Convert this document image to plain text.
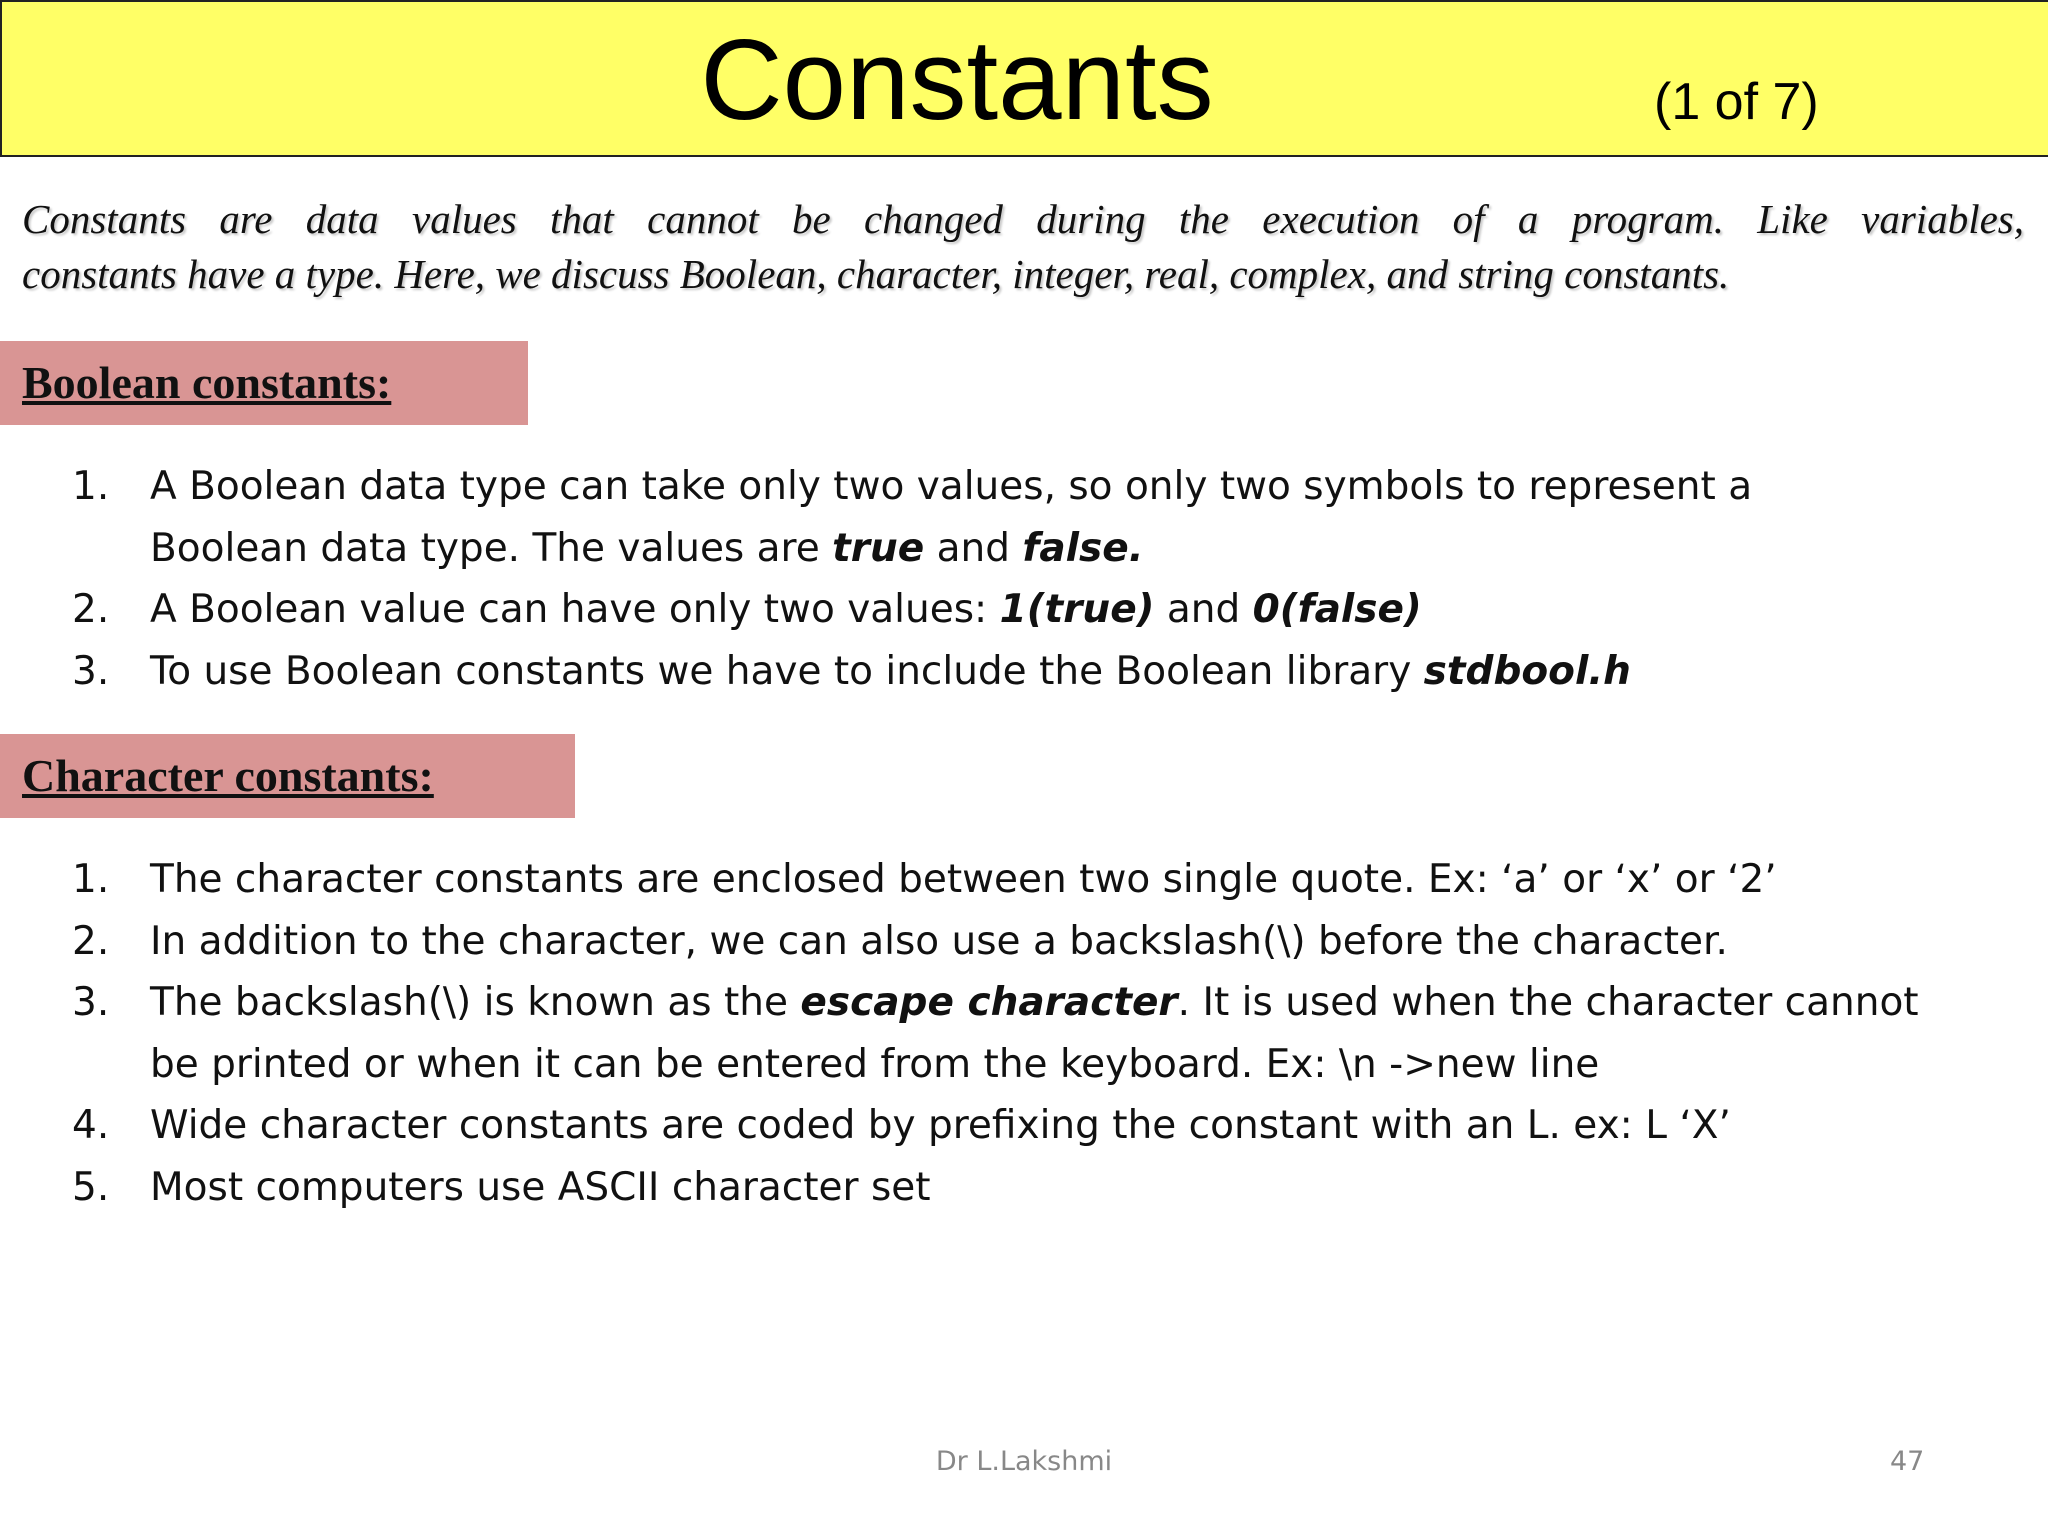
Constants	(1 of 7)
Constants are data values that cannot be changed during the execution of a program. Like variables,
constants have a type. Here, we discuss Boolean, character, integer, real, complex, and string constants.
Boolean constants:
1. A Boolean data type can take only two values, so only two symbols to represent a
Boolean data type. The values are true and false.
2. A Boolean value can have only two values: 1(true) and 0(false)
3. To use Boolean constants we have to include the Boolean library stdbool.h
Character constants:
1. The character constants are enclosed between two single quote. Ex: ‘a’ or ‘x’ or ‘2’
2. In addition to the character, we can also use a backslash(\) before the character.
3. The backslash(\) is known as the escape character. It is used when the character cannot
be printed or when it can be entered from the keyboard. Ex: \n ->new line
4. Wide character constants are coded by prefixing the constant with an L. ex: L ‘X’
5. Most computers use ASCII character set
Dr L.Lakshmi	47
